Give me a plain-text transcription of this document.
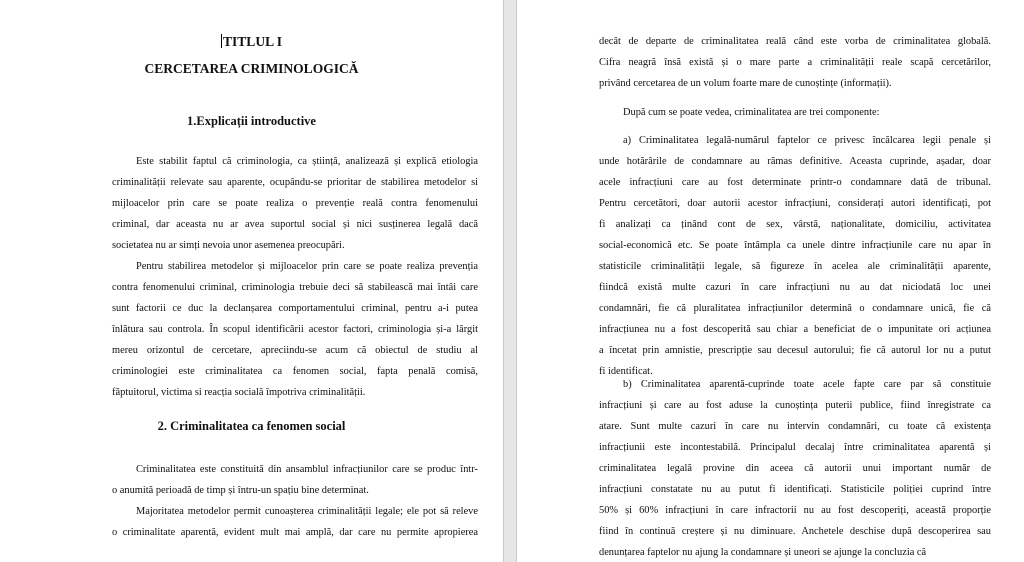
TITLUL I
CERCETAREA CRIMINOLOGICĂ
1.Explicații introductive
2. Criminalitatea ca fenomen social
Este stabilit faptul că criminologia, ca știință, analizează și explică etiologia
criminalității relevate sau aparente, ocupându-se prioritar de stabilirea metodelor si
mijloacelor prin care se poate realiza o prevenție reală contra fenomenului
criminal, dar aceasta nu ar avea suportul social și nici susținerea legală dacă
societatea nu ar simți nevoia unor asemenea preocupări.
Pentru stabilirea metodelor și mijloacelor prin care se poate realiza prevenția
contra fenomenului criminal, criminologia trebuie deci să stabilească mai întâi care
sunt factorii ce duc la declanșarea comportamentului criminal, pentru a-i putea
înlătura sau controla. În scopul identificării acestor factori, criminologia și-a lărgit
mereu orizontul de cercetare, apreciindu-se acum că obiectul de studiu al
criminologiei este criminalitatea ca fenomen social, fapta penală comisă,
făptuitorul, victima si reacția socială împotriva criminalității.
Criminalitatea este constituită din ansamblul infracțiunilor care se produc într-
o anumită perioadă de timp și întru-un spațiu bine determinat.
Majoritatea metodelor permit cunoașterea criminalității legale; ele pot să releve
o criminalitate aparentă, evident mult mai amplă, dar care nu permite apropierea
decât de departe de criminalitatea reală când este vorba de criminalitatea globală.
Cifra neagră însă există și o mare parte a criminalității reale scapă cercetărilor,
privând cercetarea de un volum foarte mare de cunoștințe (informații).
După cum se poate vedea, criminalitatea are trei componente:
a) Criminalitatea legală-numărul faptelor ce privesc încălcarea legii penale și
unde hotărârile de condamnare au rămas definitive. Aceasta cuprinde, așadar, doar
acele infracțiuni care au fost determinate printr-o condamnare dată de tribunal.
Pentru cercetători, doar autorii acestor infracțiuni, considerați autori identificați, pot
fi analizați ca ținând cont de sex, vârstă, naționalitate, domiciliu, activitatea
social-economică etc. Se poate întâmpla ca unele dintre infracțiunile care nu apar în
statisticile criminalității legale, să figureze în acelea ale criminalității aparente,
fiindcă există multe cazuri în care infracțiuni nu au dat niciodată loc unei
condamnări, fie că pluralitatea infracțiunilor determină o condamnare unică, fie că
infracțiunea nu a fost descoperită sau chiar a beneficiat de o impunitate ori acțiunea
a încetat prin amnistie, prescripție sau decesul autorului; fie că autorul lor nu a putut
fi identificat.
b) Criminalitatea aparentă-cuprinde toate acele fapte care par să constituie
infracțiuni și care au fost aduse la cunoștința puterii publice, fiind înregistrate ca
atare. Sunt multe cazuri în care nu intervin condamnări, cu toate că existența
infracțiunii este incontestabilă. Principalul decalaj între criminalitatea aparentă și
criminalitatea legală provine din aceea că autorii unui important număr de
infracțiuni constatate nu au putut fi identificați. Statisticile poliției cuprind între
50% și 60% infracțiuni în care infractorii nu au fost descoperiți, această proporție
fiind în continuă creștere și nu diminuare. Anchetele deschise după descoperirea sau
denunțarea faptelor nu ajung la condamnare și uneori se ajunge la concluzia că
